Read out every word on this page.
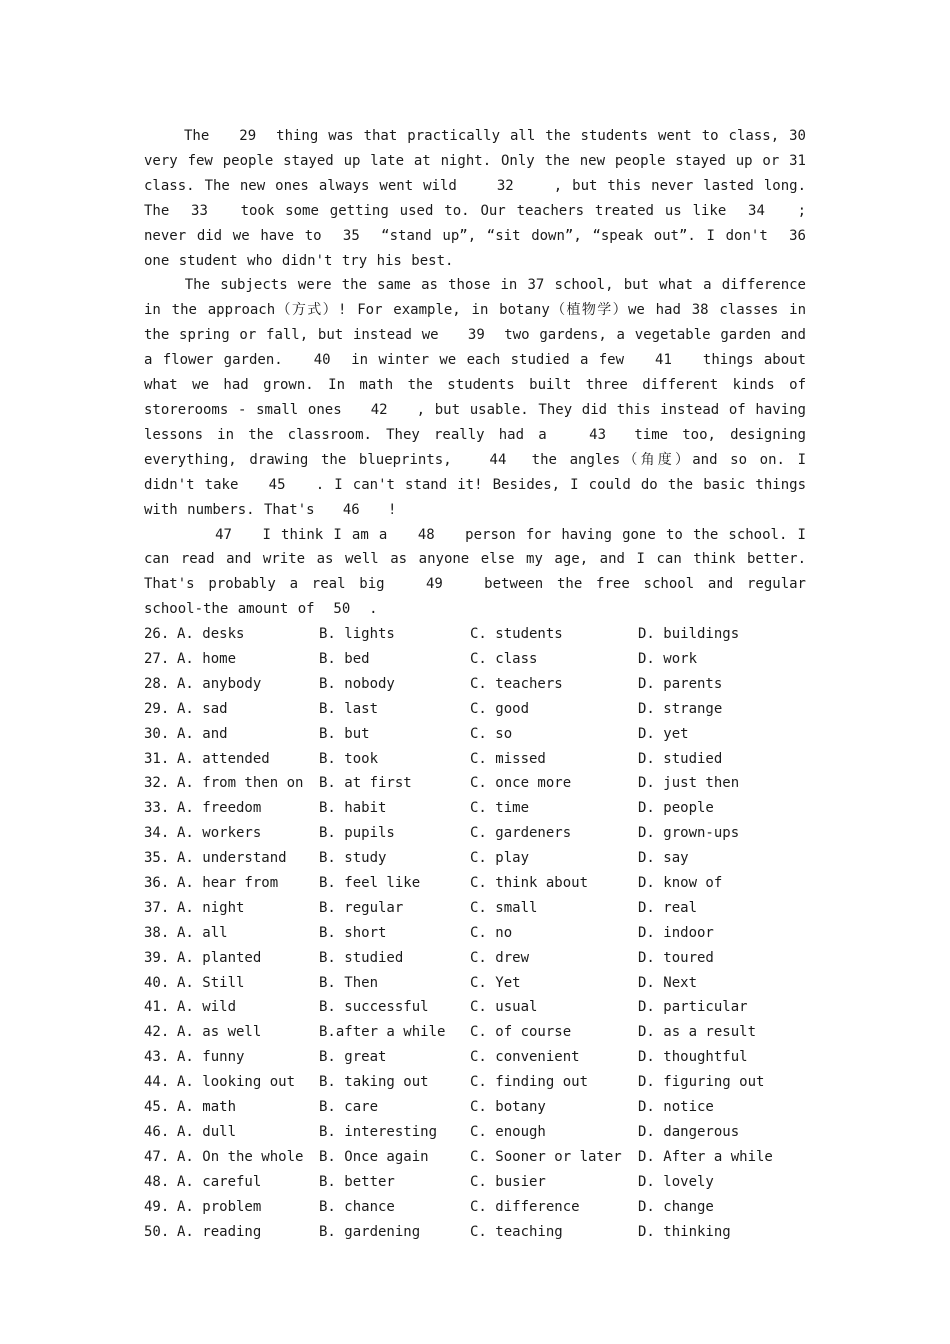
The   29  thing was that practically all the students went to class, 30 very few people stayed up late at night. Only the new people stayed up or 31      class. The new ones always went wild    32    , but this never lasted long. The  33   took some getting used to. Our teachers treated us like  34   ; never did we have to  35  “stand up”, “sit down”, “speak out”. I don't  36  one student who didn't try his best.

The subjects were the same as those in 37 school, but what a difference in the approach（方式）! For example, in botany（植物学）we had 38 classes in the spring or fall, but instead we   39  two gardens, a vegetable garden and a flower garden.   40  in winter we each studied a few   41   things about what we had grown. In math the students built three different kinds of storerooms - small ones   42   , but usable. They did this instead of having lessons in the classroom. They really had a   43  time too, designing everything, drawing the blueprints,   44  the angles（角度）and so on. I didn't take   45   . I can't stand it! Besides, I could do the basic things with numbers. That's   46   !

47   I think I am a   48   person for having gone to the school. I can read and write as well as anyone else my age, and I can think better. That's probably a real big   49   between the free school and regular school-the amount of  50  .

26. A. desks	B. lights	C. students	D. buildings
27. A. home	B. bed	C. class	D. work
28. A. anybody	B. nobody	C. teachers	D. parents
29. A. sad	B. last	C. good	D. strange
30. A. and	B. but	C. so	D. yet
31. A. attended	B. took	C. missed	D. studied
32. A. from then on B. at first	C. once more	D. just then
33. A. freedom	B. habit	C. time	D. people
34. A. workers	B. pupils	C. gardeners	D. grown-ups
35. A. understand B. study	C. play	D. say
36. A. hear from	B. feel like	C. think about	D. know of
37. A. night	B. regular	C. small	D. real
38. A. all	B. short	C. no	D. indoor
39. A. planted	B. studied	C. drew	D. toured
40. A. Still	B. Then	C. Yet	D. Next
41. A. wild	B. successful	C. usual	D. particular
42. A. as well	B.after a while C. of course	D. as a result
43. A. funny	B. great	C. convenient	D. thoughtful
44. A. looking out B. taking out	C. finding out	D. figuring out
45. A. math	B. care	C. botany	D. notice
46. A. dull	B. interesting C. enough	D. dangerous
47. A. On the whole B. Once again	C. Sooner or later D. After a while
48. A. careful	B. better	C. busier	D. lovely
49. A. problem	B. chance	C. difference	D. change
50. A. reading	B. gardening	C. teaching	D. thinking
